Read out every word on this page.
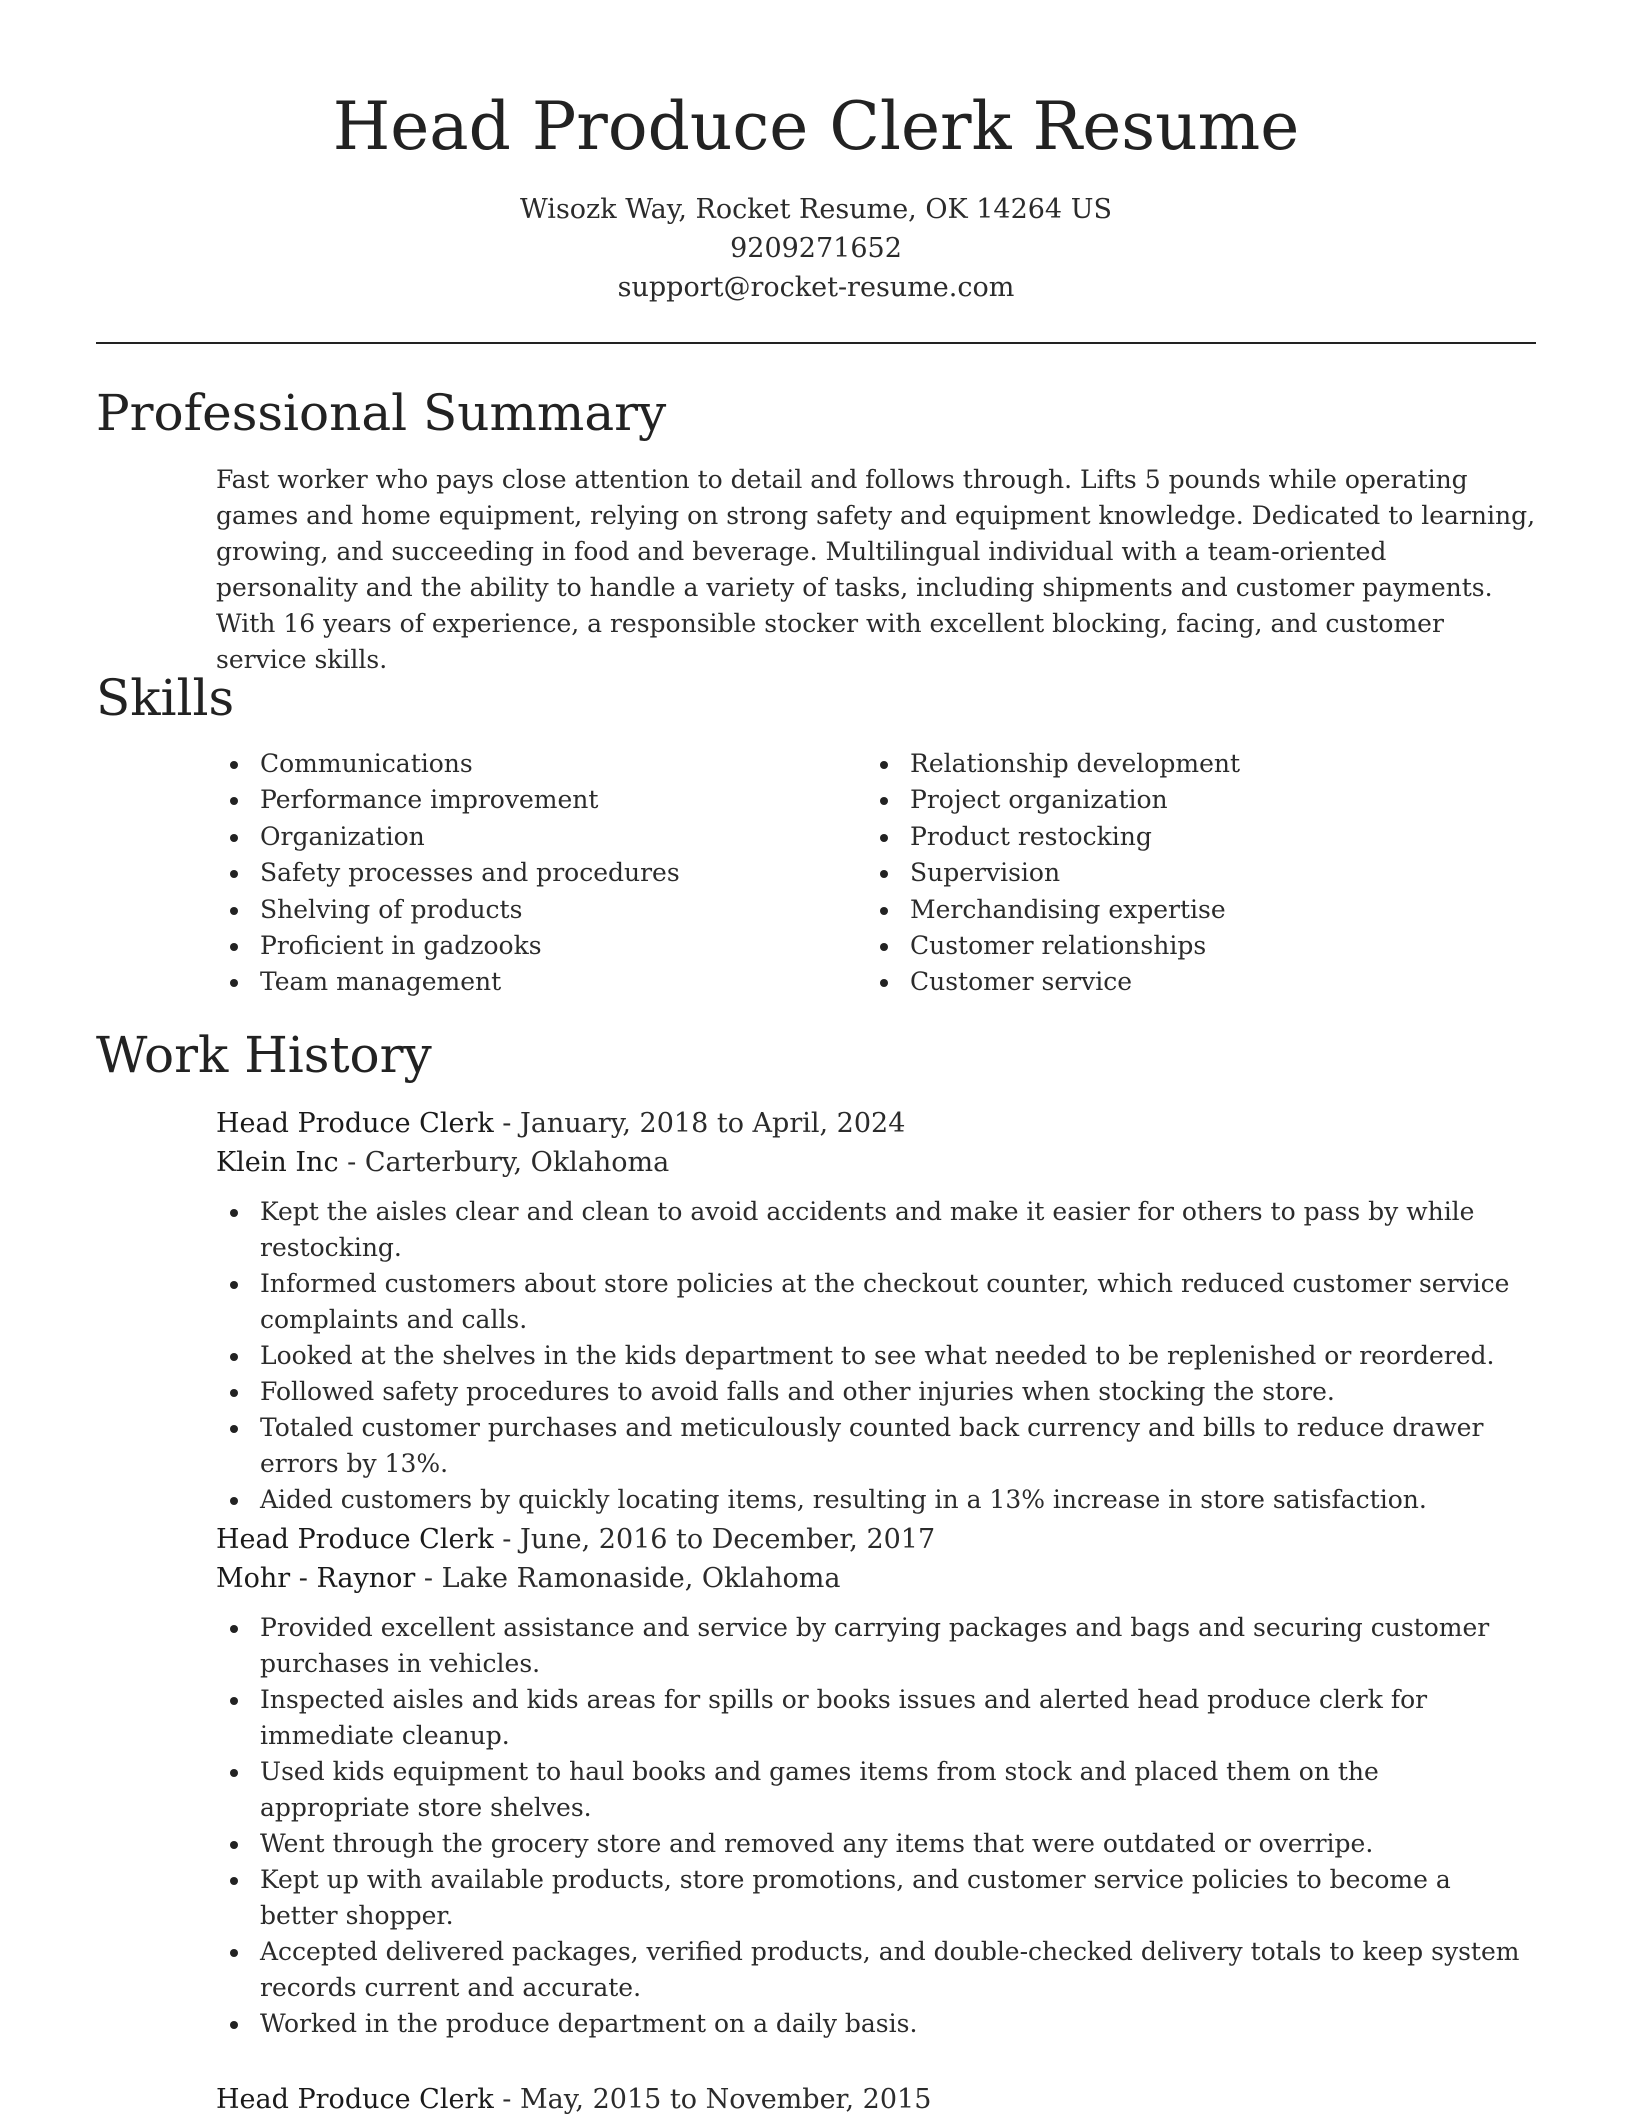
Head Produce Clerk Resume
Wisozk Way, Rocket Resume, OK 14264 US
9209271652
support@rocket-resume.com
Professional Summary

Fast worker who pays close attention to detail and follows through. Lifts 5 pounds while operating games and home equipment, relying on strong safety and equipment knowledge. Dedicated to learning, growing, and succeeding in food and beverage. Multilingual individual with a team-oriented personality and the ability to handle a variety of tasks, including shipments and customer payments. With 16 years of experience, a responsible stocker with excellent blocking, facing, and customer service skills.

Skills
Communications
Performance improvement
Organization
Safety processes and procedures
Shelving of products
Proficient in gadzooks
Team management
Relationship development
Project organization
Product restocking
Supervision
Merchandising expertise
Customer relationships
Customer service
Work History
Head Produce Clerk - January, 2018 to April, 2024
Klein Inc - Carterbury, Oklahoma
Kept the aisles clear and clean to avoid accidents and make it easier for others to pass by while restocking.
Informed customers about store policies at the checkout counter, which reduced customer service complaints and calls.
Looked at the shelves in the kids department to see what needed to be replenished or reordered.
Followed safety procedures to avoid falls and other injuries when stocking the store.
Totaled customer purchases and meticulously counted back currency and bills to reduce drawer errors by 13%.
Aided customers by quickly locating items, resulting in a 13% increase in store satisfaction.
Head Produce Clerk - June, 2016 to December, 2017
Mohr - Raynor - Lake Ramonaside, Oklahoma
Provided excellent assistance and service by carrying packages and bags and securing customer purchases in vehicles.
Inspected aisles and kids areas for spills or books issues and alerted head produce clerk for immediate cleanup.
Used kids equipment to haul books and games items from stock and placed them on the appropriate store shelves.
Went through the grocery store and removed any items that were outdated or overripe.
Kept up with available products, store promotions, and customer service policies to become a better shopper.
Accepted delivered packages, verified products, and double-checked delivery totals to keep system records current and accurate.
Worked in the produce department on a daily basis.
Head Produce Clerk - May, 2015 to November, 2015
